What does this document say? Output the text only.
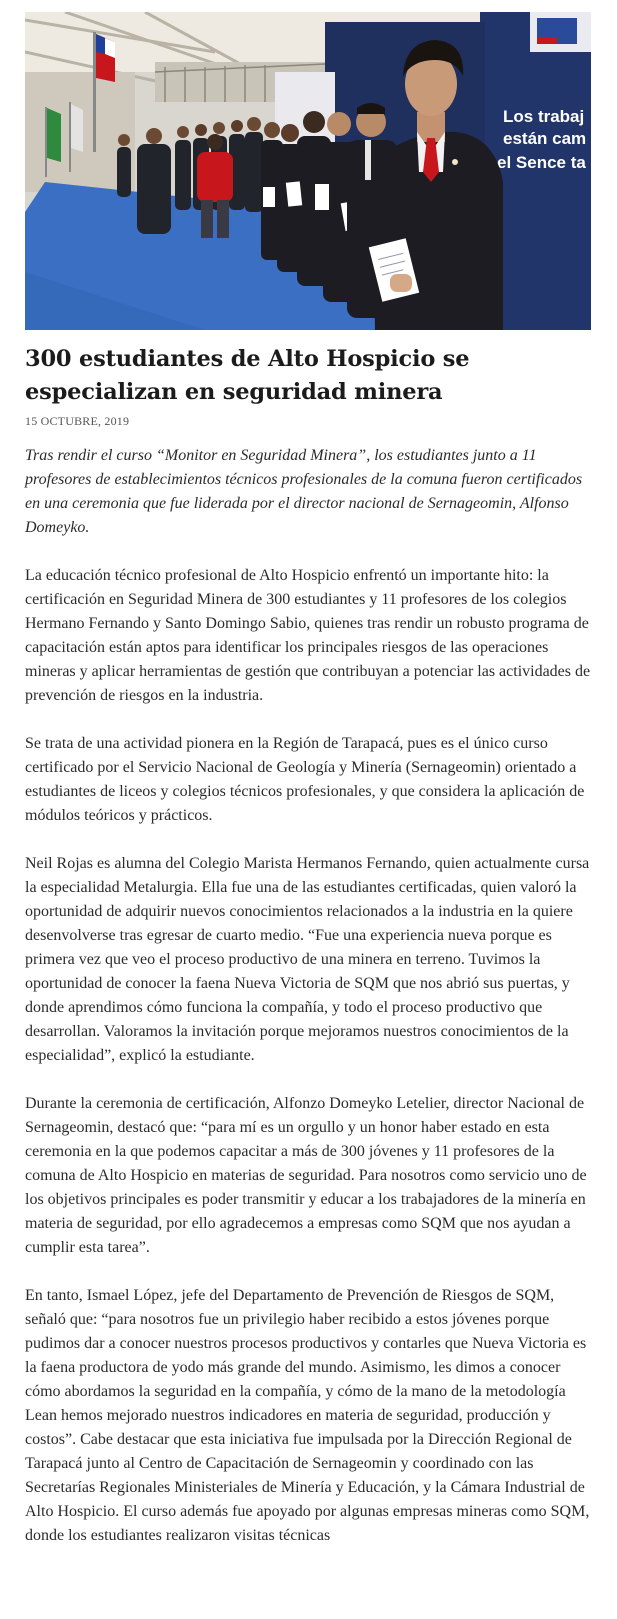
Los trabaj
están cam
el Sence ta
300 estudiantes de Alto Hospicio se especializan en seguridad minera

15 OCTUBRE, 2019

Tras rendir el curso “Monitor en Seguridad Minera”, los estudiantes junto a 11 profesores de establecimientos técnicos profesionales de la comuna fueron certificados en una ceremonia que fue liderada por el director nacional de Sernageomin, Alfonso Domeyko.

La educación técnico profesional de Alto Hospicio enfrentó un importante hito: la certificación en Seguridad Minera de 300 estudiantes y 11 profesores de los colegios Hermano Fernando y Santo Domingo Sabio, quienes tras rendir un robusto programa de capacitación están aptos para identificar los principales riesgos de las operaciones mineras y aplicar herramientas de gestión que contribuyan a potenciar las actividades de prevención de riesgos en la industria.

Se trata de una actividad pionera en la Región de Tarapacá, pues es el único curso certificado por el Servicio Nacional de Geología y Minería (Sernageomin) orientado a estudiantes de liceos y colegios técnicos profesionales, y que considera la aplicación de módulos teóricos y prácticos.

Neil Rojas es alumna del Colegio Marista Hermanos Fernando, quien actualmente cursa la especialidad Metalurgia. Ella fue una de las estudiantes certificadas, quien valoró la oportunidad de adquirir nuevos conocimientos relacionados a la industria en la quiere desenvolverse tras egresar de cuarto medio. “Fue una experiencia nueva porque es primera vez que veo el proceso productivo de una minera en terreno. Tuvimos la oportunidad de conocer la faena Nueva Victoria de SQM que nos abrió sus puertas, y donde aprendimos cómo funciona la compañía, y todo el proceso productivo que desarrollan. Valoramos la invitación porque mejoramos nuestros conocimientos de la especialidad”, explicó la estudiante.

Durante la ceremonia de certificación, Alfonzo Domeyko Letelier, director Nacional de Sernageomin, destacó que: “para mí es un orgullo y un honor haber estado en esta ceremonia en la que podemos capacitar a más de 300 jóvenes y 11 profesores de la comuna de Alto Hospicio en materias de seguridad. Para nosotros como servicio uno de los objetivos principales es poder transmitir y educar a los trabajadores de la minería en materia de seguridad, por ello agradecemos a empresas como SQM que nos ayudan a cumplir esta tarea”.

En tanto, Ismael López, jefe del Departamento de Prevención de Riesgos de SQM, señaló que: “para nosotros fue un privilegio haber recibido a estos jóvenes porque pudimos dar a conocer nuestros procesos productivos y contarles que Nueva Victoria es la faena productora de yodo más grande del mundo. Asimismo, les dimos a conocer cómo abordamos la seguridad en la compañía, y cómo de la mano de la metodología Lean hemos mejorado nuestros indicadores en materia de seguridad, producción y costos”. Cabe destacar que esta iniciativa fue impulsada por la Dirección Regional de Tarapacá junto al Centro de Capacitación de Sernageomin y coordinado con las Secretarías Regionales Ministeriales de Minería y Educación, y la Cámara Industrial de Alto Hospicio. El curso además fue apoyado por algunas empresas mineras como SQM, donde los estudiantes realizaron visitas técnicas
